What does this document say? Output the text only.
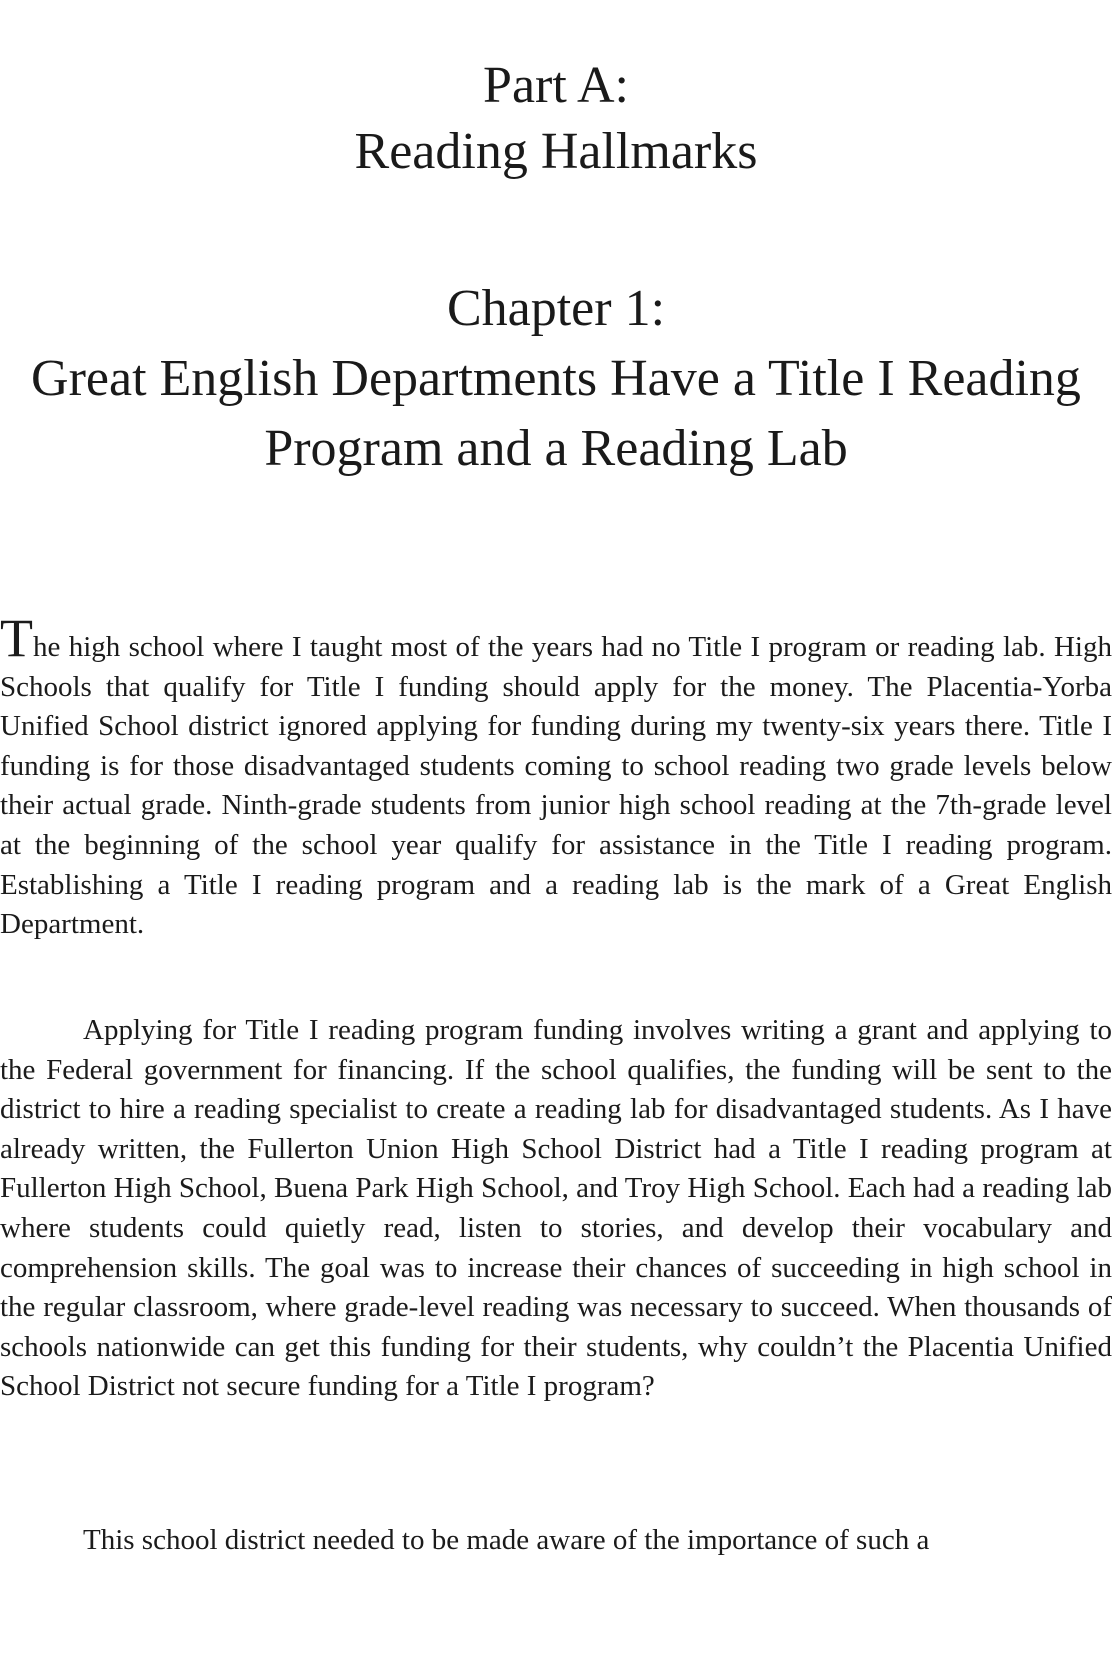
Part A:
Reading Hallmarks
Chapter 1:
Great English Departments Have a Title I Reading
Program and a Reading Lab

The high school where I taught most of the years had no Title I program or reading lab. High Schools that qualify for Title I funding should apply for the money. The Placentia-Yorba Unified School district ignored applying for funding during my twenty-six years there. Title I funding is for those disadvantaged students coming to school reading two grade levels below their actual grade. Ninth-grade students from junior high school reading at the 7th-grade level at the beginning of the school year qualify for assistance in the Title I reading program. Establishing a Title I reading program and a reading lab is the mark of a Great English Department.

Applying for Title I reading program funding involves writing a grant and applying to the Federal government for financing. If the school qualifies, the funding will be sent to the district to hire a reading specialist to create a reading lab for disadvantaged students. As I have already written, the Fullerton Union High School District had a Title I reading program at Fullerton High School, Buena Park High School, and Troy High School. Each had a reading lab where students could quietly read, listen to stories, and develop their vocabulary and comprehension skills. The goal was to increase their chances of succeeding in high school in the regular classroom, where grade-level reading was necessary to succeed. When thousands of schools nationwide can get this funding for their students, why couldn’t the Placentia Unified School District not secure funding for a Title I program?

This school district needed to be made aware of the importance of such a
